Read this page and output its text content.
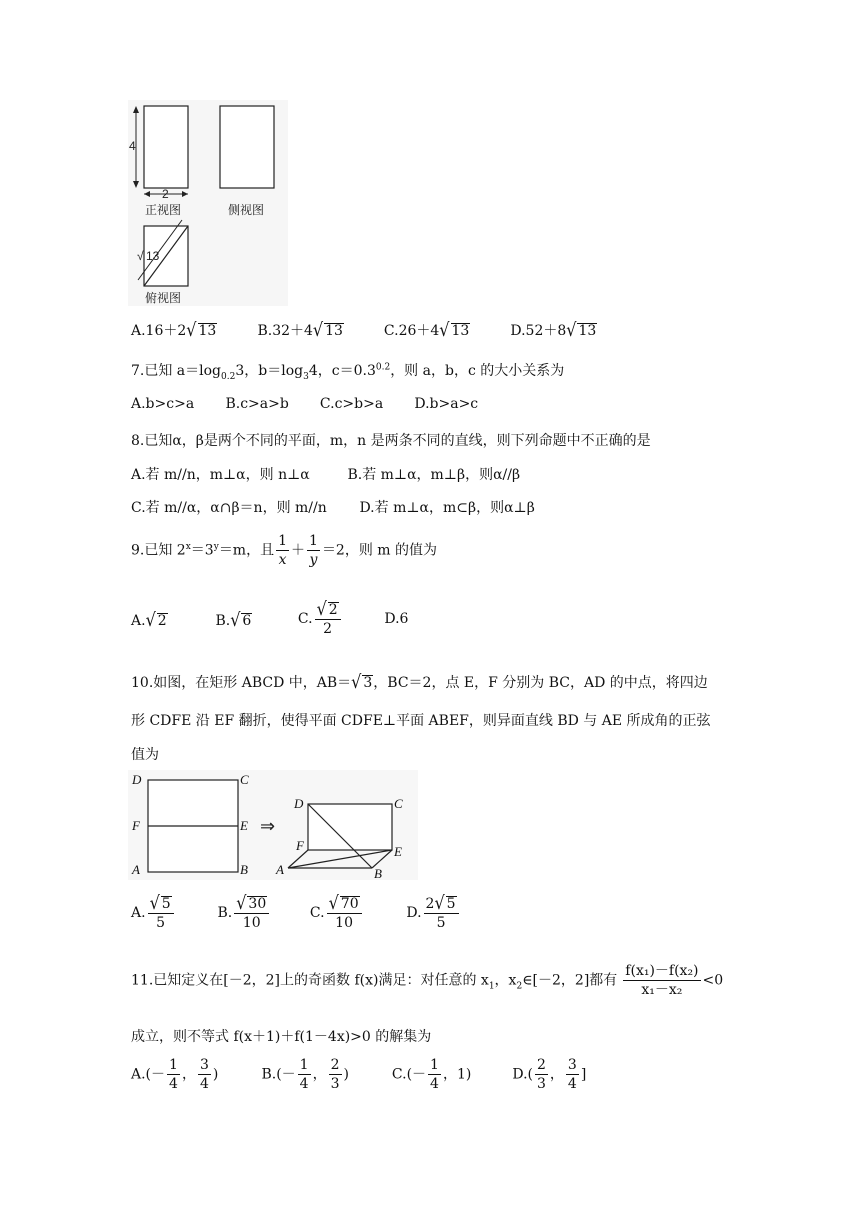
4
2
正视图	侧视图
√ 13
俯视图
A.16＋2√ 13	B.32＋4√ 13	C.26＋4√ 13	D.52＋8√ 13
7.已知 $a=\log_{0.2}3$，$b=\log_34$，$c=0.3^{0.2}$，则 a，b，c 的大小关系为
A.b>c>a B.c>a>b C.c>b>a D.b>a>c
8.已知α，β是两个不同的平面，m，n 是两条不同的直线，则下列命题中不正确的是
A.若 m//n，m⊥α，则 n⊥α	B.若 m⊥α，m⊥β，则α//β
C.若 m//α，α∩β＝n，则 m//n D.若 m⊥α，m⊂β，则α⊥β
9.已知 $2^x=3^y=m$，且 $\frac{1}{x} + \frac{1}{y} =2$，则 m 的值为
A.√ 2	B.√ 6	C. $\frac{√ 2}{2}$	D.6
10.如图，在矩形 ABCD 中，AB＝√ 3，BC＝2，点 E，F 分别为 BC，AD 的中点，将四边
形 CDFE 沿 EF 翻折，使得平面 CDFE⊥平面 ABEF，则异面直线 BD 与 AE 所成角的正弦
值为
D	C
F	E
A	B
⇒
D	C
F	E
A	B
A. $\frac{√ 5}{5}$	B. $\frac{√ 30}{10}$	C. $\frac{√ 70}{10}$	D. $\frac{2√ 5}{5}$
11.已知定义在[－2，2]上的奇函数 f(x)满足：对任意的 $x_1$，$x_2\in[-2$，2]都有 $\frac{\text{f(x₁)－f(x₂)}}{\text{x₁－x₂}} <0$
成立，则不等式 f(x＋1)＋f(1－4x)>0 的解集为
$A.(- \frac{1}{4}$ ， $\frac{3}{4}$ )	$B.(- \frac{1}{4}$ ， $\frac{2}{3}$ )	$C.(- \frac{1}{4}$ ，1)	$D.( \frac{2}{3}$ ， $\frac{3}{4}$ ]
